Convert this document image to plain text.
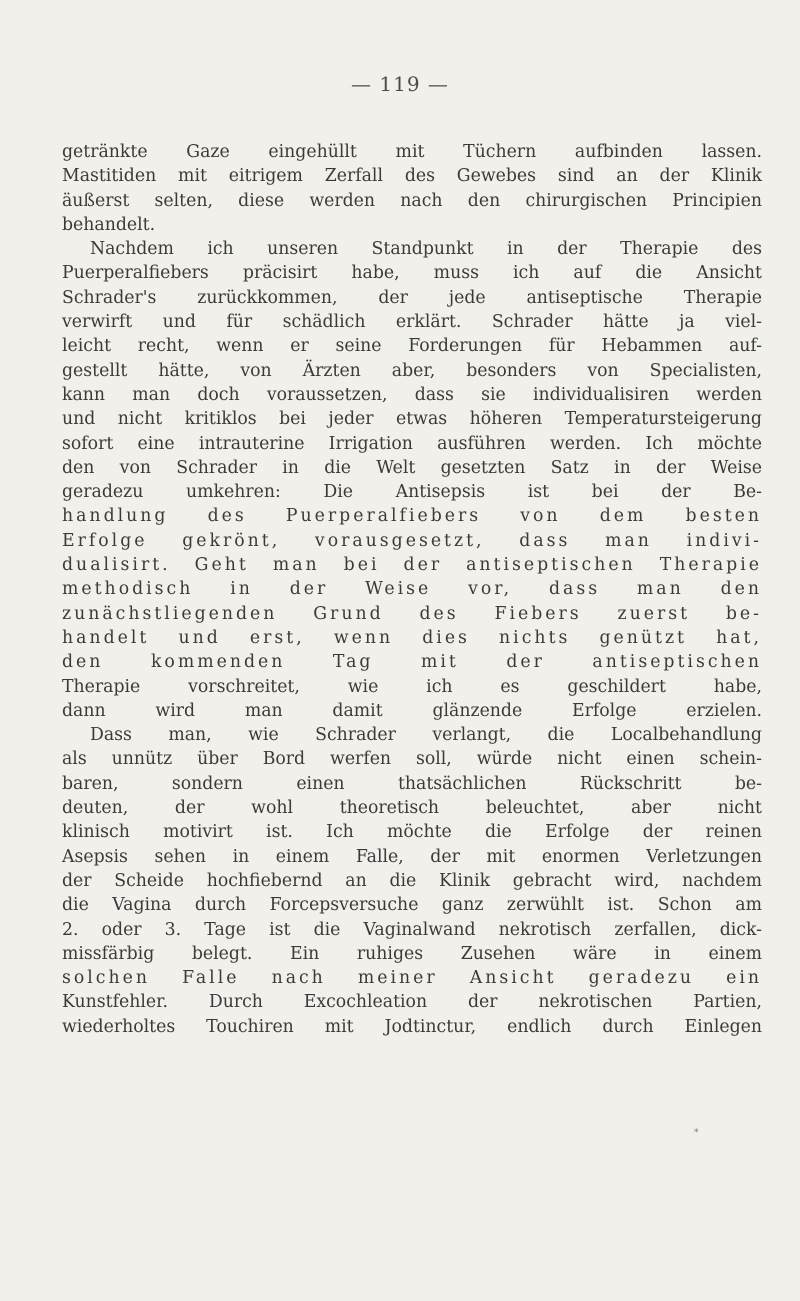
— 119 —
getränkte Gaze eingehüllt mit Tüchern aufbinden lassen.
Mastitiden mit eitrigem Zerfall des Gewebes sind an der Klinik
äußerst selten, diese werden nach den chirurgischen Principien
behandelt.
Nachdem ich unseren Standpunkt in der Therapie des
Puerperalfiebers präcisirt habe, muss ich auf die Ansicht
Schrader's zurückkommen, der jede antiseptische Therapie
verwirft und für schädlich erklärt. Schrader hätte ja viel-
leicht recht, wenn er seine Forderungen für Hebammen auf-
gestellt hätte, von Ärzten aber, besonders von Specialisten,
kann man doch voraussetzen, dass sie individualisiren werden
und nicht kritiklos bei jeder etwas höheren Temperatursteigerung
sofort eine intrauterine Irrigation ausführen werden. Ich möchte
den von Schrader in die Welt gesetzten Satz in der Weise
geradezu umkehren: Die Antisepsis ist bei der Be-
handlung des Puerperalfiebers von dem besten
Erfolge gekrönt, vorausgesetzt, dass man indivi-
dualisirt. Geht man bei der antiseptischen Therapie
methodisch in der Weise vor, dass man den
zunächstliegenden Grund des Fiebers zuerst be-
handelt und erst, wenn dies nichts genützt hat,
den kommenden Tag mit der antiseptischen
Therapie vorschreitet, wie ich es geschildert habe,
dann wird man damit glänzende Erfolge erzielen.
Dass man, wie Schrader verlangt, die Localbehandlung
als unnütz über Bord werfen soll, würde nicht einen schein-
baren, sondern einen thatsächlichen Rückschritt be-
deuten, der wohl theoretisch beleuchtet, aber nicht
klinisch motivirt ist. Ich möchte die Erfolge der reinen
Asepsis sehen in einem Falle, der mit enormen Verletzungen
der Scheide hochfiebernd an die Klinik gebracht wird, nachdem
die Vagina durch Forcepsversuche ganz zerwühlt ist. Schon am
2. oder 3. Tage ist die Vaginalwand nekrotisch zerfallen, dick-
missfärbig belegt. Ein ruhiges Zusehen wäre in einem
solchen Falle nach meiner Ansicht geradezu ein
Kunstfehler. Durch Excochleation der nekrotischen Partien,
wiederholtes Touchiren mit Jodtinctur, endlich durch Einlegen
⁎
